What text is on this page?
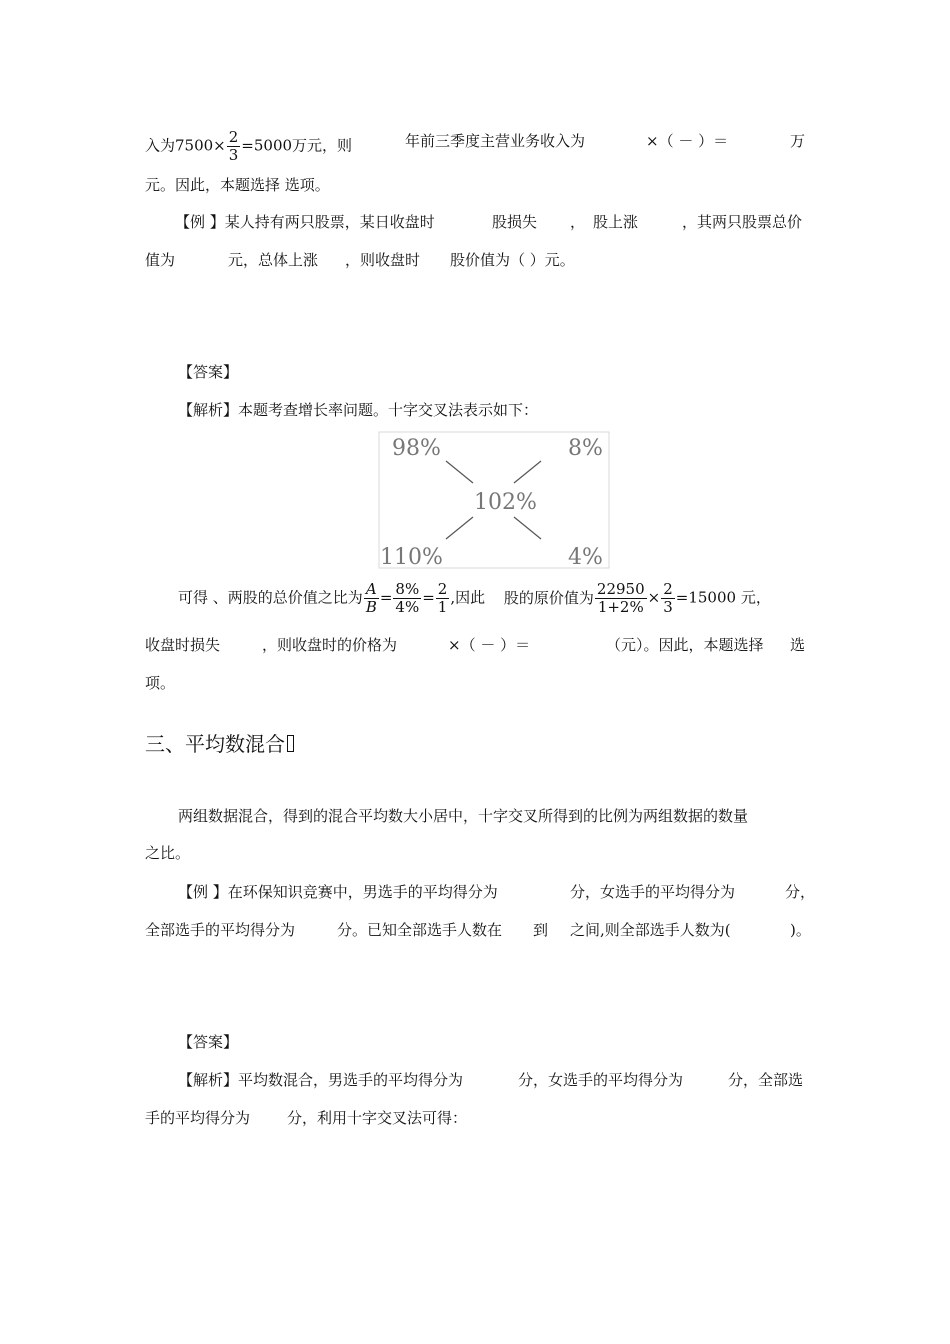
入为$7500\times \frac{2}{3} =5000$万元，则	年前三季度主营业务收入为	×（ － ）＝	万
元。因此，本题选择 选项。
【例 】某人持有两只股票，某日收盘时	股损失 ， 股上涨	，其两只股票总价
值为	元，总体上涨 ，则收盘时 股价值为（ ）元。
【答案】
【解析】本题考查增长率问题。十字交叉法表示如下：
98%	8%
102%
110%	4%
可得 、两股的总价值之比为 $\frac{A}{B} = \frac{8\%}{4\%} = \frac{2}{1}$ ,因此 股的原价值为 $\frac{22950}{1+2\%} \times \frac{2}{3} =15000$ 元，
收盘时损失	，则收盘时的价格为	×（ － ）＝	（元）。因此，本题选择 选
项。
三、平均数混合
两组数据混合，得到的混合平均数大小居中，十字交叉所得到的比例为两组数据的数量
之比。
【例 】在环保知识竞赛中，男选手的平均得分为	分，女选手的平均得分为	分，
全部选手的平均得分为	分。已知全部选手人数在 到 之间,则全部选手人数为(	)。
【答案】
【解析】平均数混合，男选手的平均得分为	分，女选手的平均得分为	分，全部选
手的平均得分为 分，利用十字交叉法可得：
